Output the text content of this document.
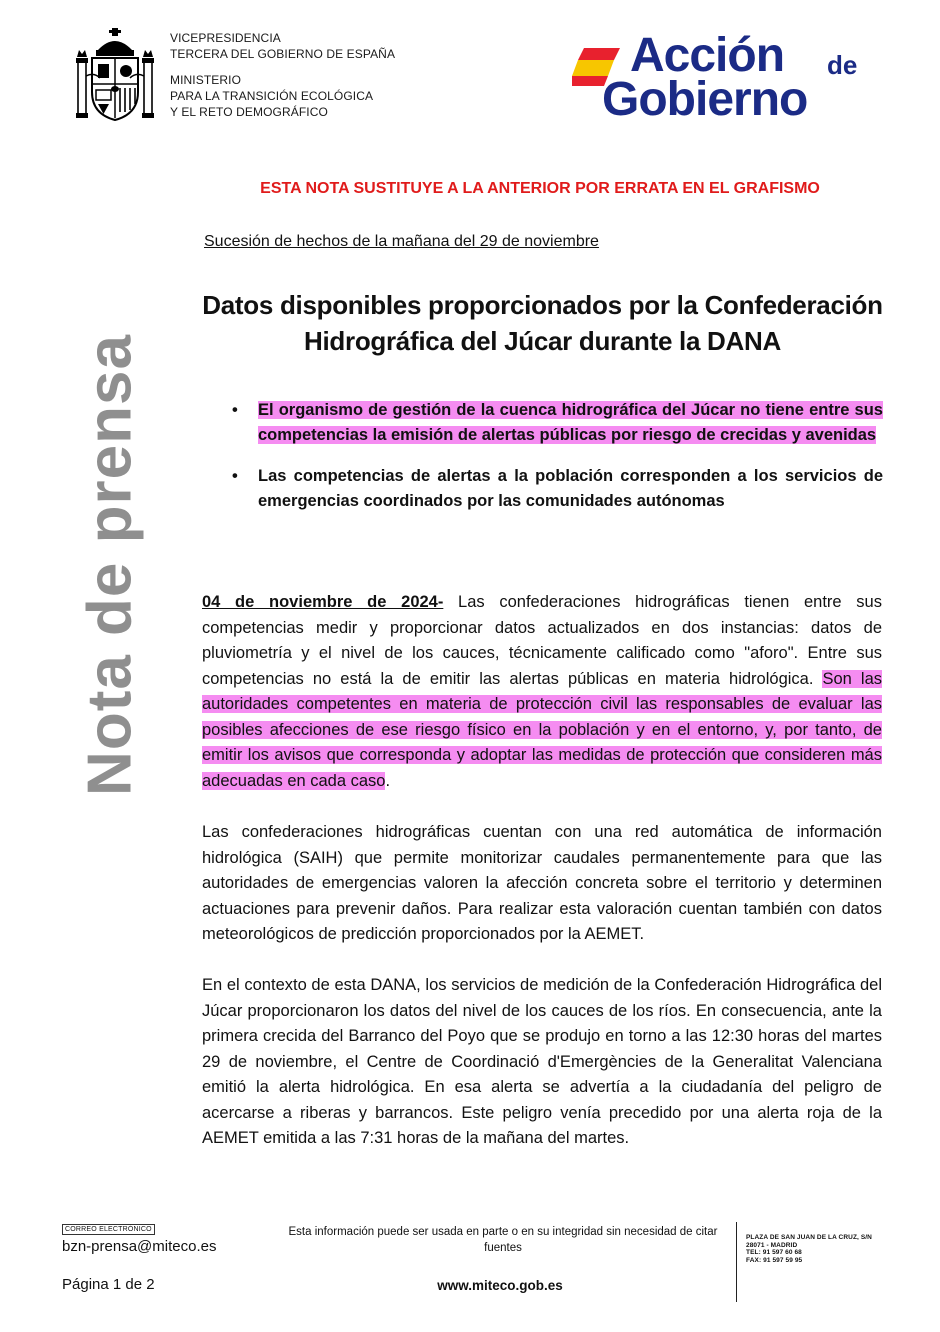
VICEPRESIDENCIA
TERCERA DEL GOBIERNO DE ESPAÑA
MINISTERIO
PARA LA TRANSICIÓN ECOLÓGICA
Y EL RETO DEMOGRÁFICO
Acción de
Gobierno
Nota de prensa
ESTA NOTA SUSTITUYE A LA ANTERIOR POR ERRATA EN EL GRAFISMO
Sucesión de hechos de la mañana del 29 de noviembre
Datos disponibles proporcionados por la Confederación Hidrográfica del Júcar durante la DANA
• El organismo de gestión de la cuenca hidrográfica del Júcar no tiene entre sus competencias la emisión de alertas públicas por riesgo de crecidas y avenidas
• Las competencias de alertas a la población corresponden a los servicios de emergencias coordinados por las comunidades autónomas

04 de noviembre de 2024- Las confederaciones hidrográficas tienen entre sus competencias medir y proporcionar datos actualizados en dos instancias: datos de pluviometría y el nivel de los cauces, técnicamente calificado como "aforo". Entre sus competencias no está la de emitir las alertas públicas en materia hidrológica. Son las autoridades competentes en materia de protección civil las responsables de evaluar las posibles afecciones de ese riesgo físico en la población y en el entorno, y, por tanto, de emitir los avisos que corresponda y adoptar las medidas de protección que consideren más adecuadas en cada caso.

Las confederaciones hidrográficas cuentan con una red automática de información hidrológica (SAIH) que permite monitorizar caudales permanentemente para que las autoridades de emergencias valoren la afección concreta sobre el territorio y determinen actuaciones para prevenir daños. Para realizar esta valoración cuentan también con datos meteorológicos de predicción proporcionados por la AEMET.

En el contexto de esta DANA, los servicios de medición de la Confederación Hidrográfica del Júcar proporcionaron los datos del nivel de los cauces de los ríos. En consecuencia, ante la primera crecida del Barranco del Poyo que se produjo en torno a las 12:30 horas del martes 29 de noviembre, el Centre de Coordinació d'Emergències de la Generalitat Valenciana emitió la alerta hidrológica. En esa alerta se advertía a la ciudadanía del peligro de acercarse a riberas y barrancos. Este peligro venía precedido por una alerta roja de la AEMET emitida a las 7:31 horas de la mañana del martes.

CORREO ELECTRÓNICO
bzn-prensa@miteco.es
Página 1 de 2
Esta información puede ser usada en parte o en su integridad sin necesidad de citar fuentes
www.miteco.gob.es
PLAZA DE SAN JUAN DE LA CRUZ, S/N
28071 - MADRID
TEL: 91 597 60 68
FAX: 91 597 59 95
